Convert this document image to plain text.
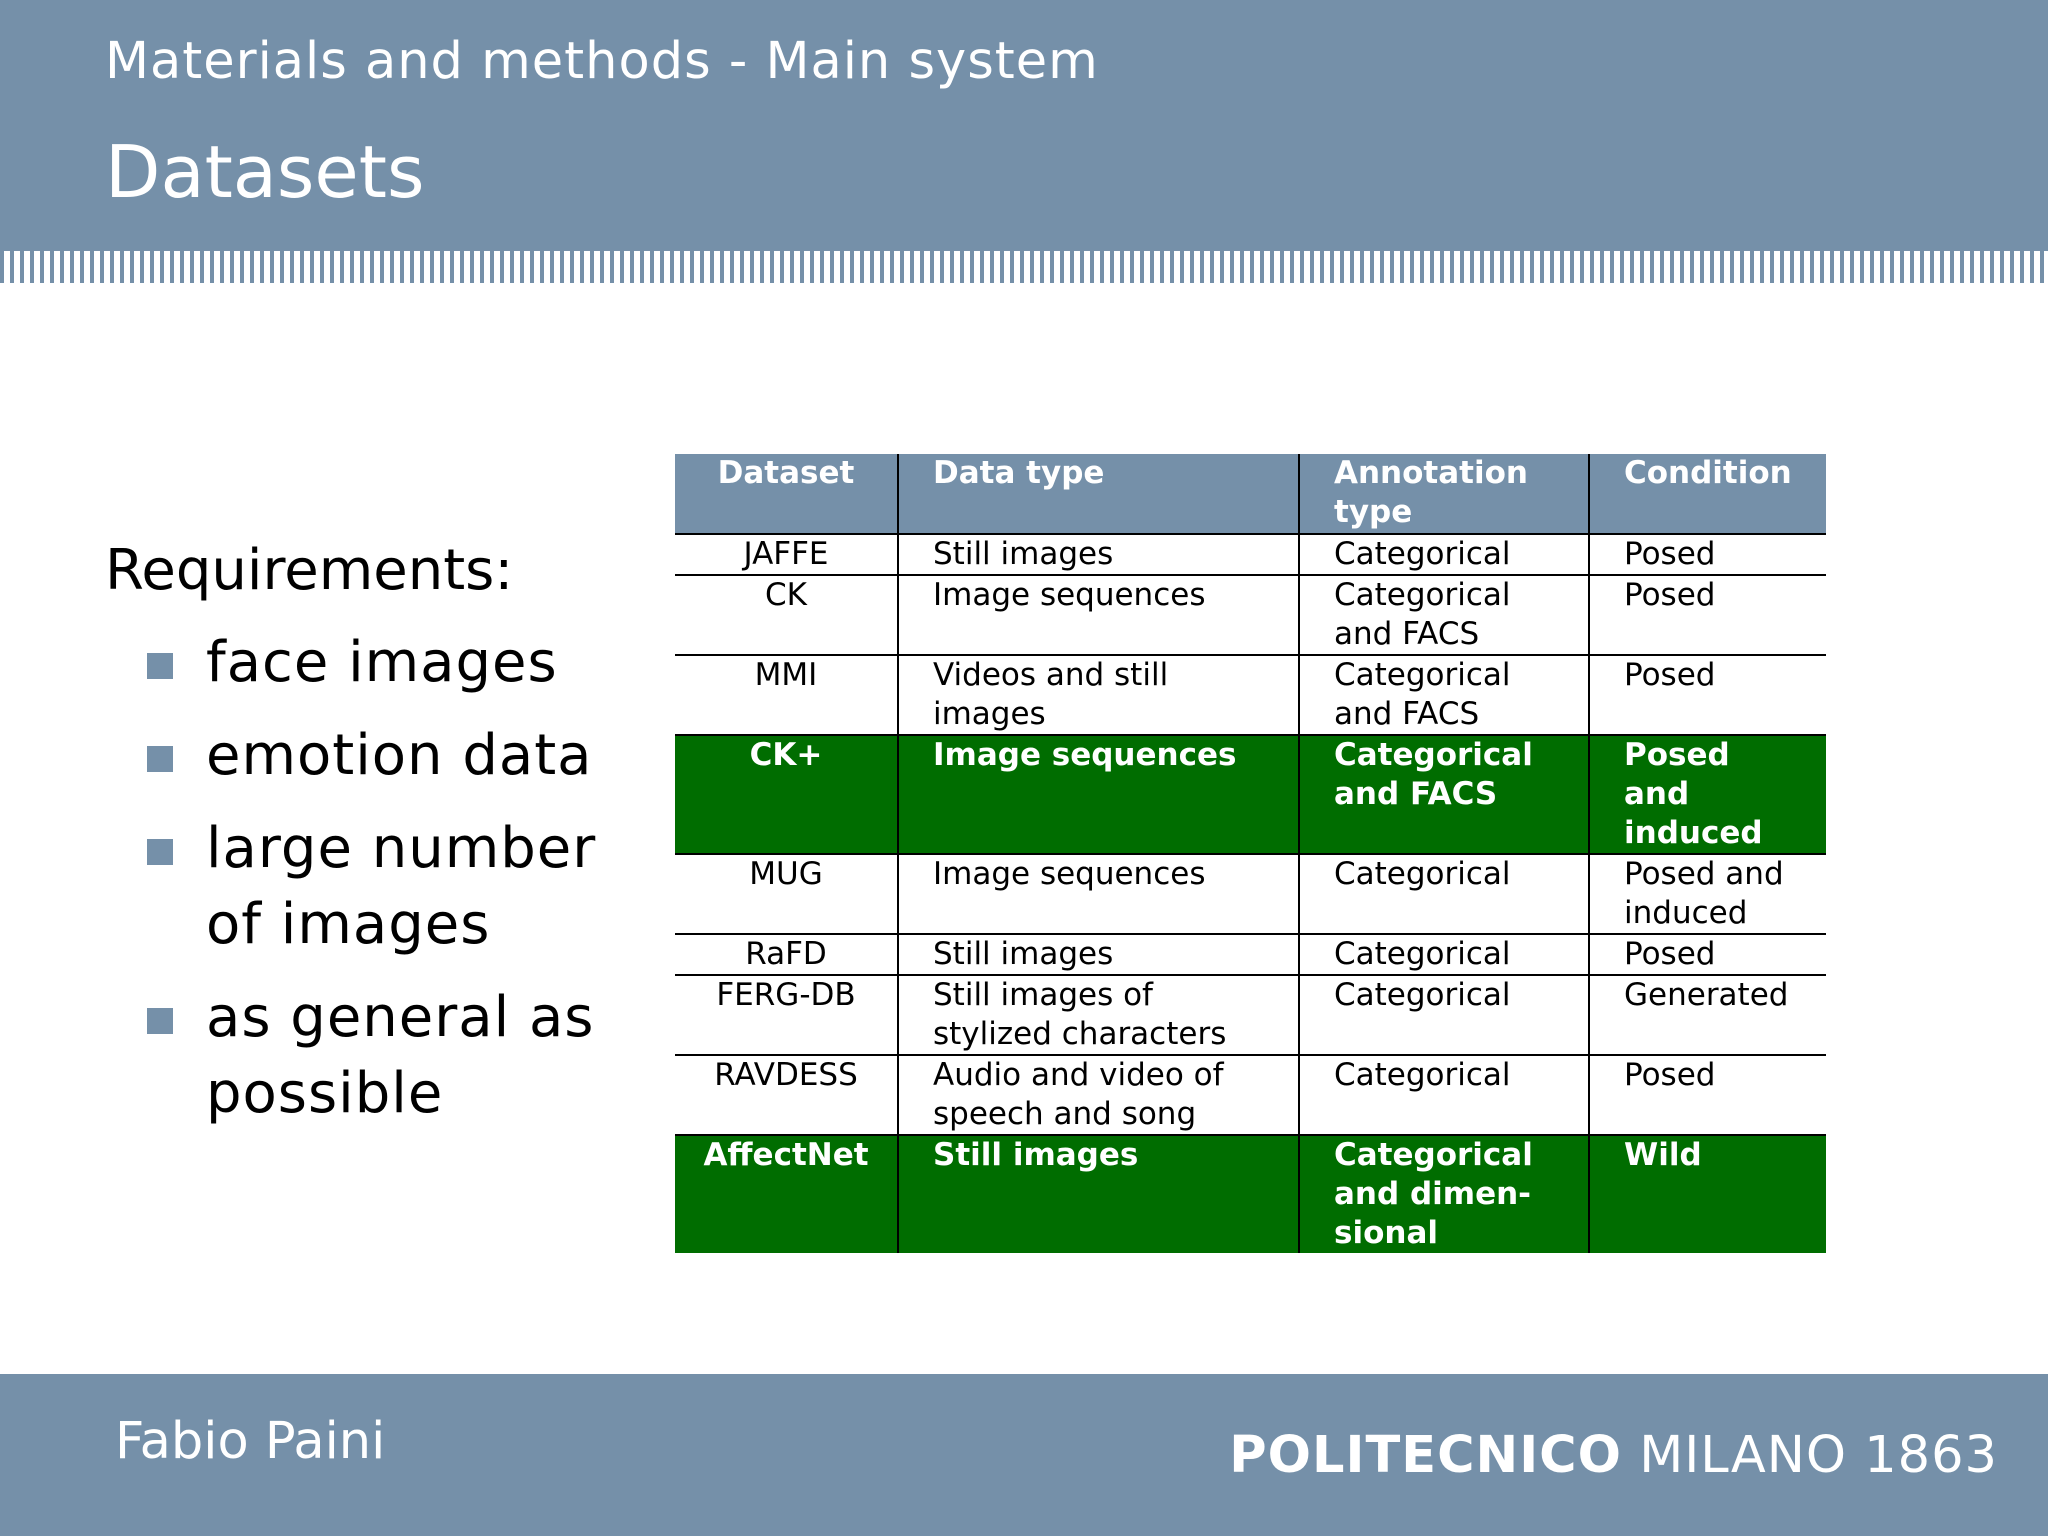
Materials and methods - Main system
Datasets
Requirements:
face images
emotion data
large number of images
as general as possible
Dataset	Data type	Annotation type	Condition
JAFFE	Still images	Categorical	Posed
CK	Image sequences	Categorical and FACS	Posed
MMI	Videos and still images	Categorical and FACS	Posed
CK+	Image sequences	Categorical and FACS	Posed and induced
MUG	Image sequences	Categorical	Posed and induced
RaFD	Still images	Categorical	Posed
FERG-DB	Still images of stylized characters	Categorical	Generated
RAVDESS	Audio and video of speech and song	Categorical	Posed
AffectNet	Still images	Categorical and dimen-sional	Wild
Fabio Paini	POLITECNICO MILANO 1863
